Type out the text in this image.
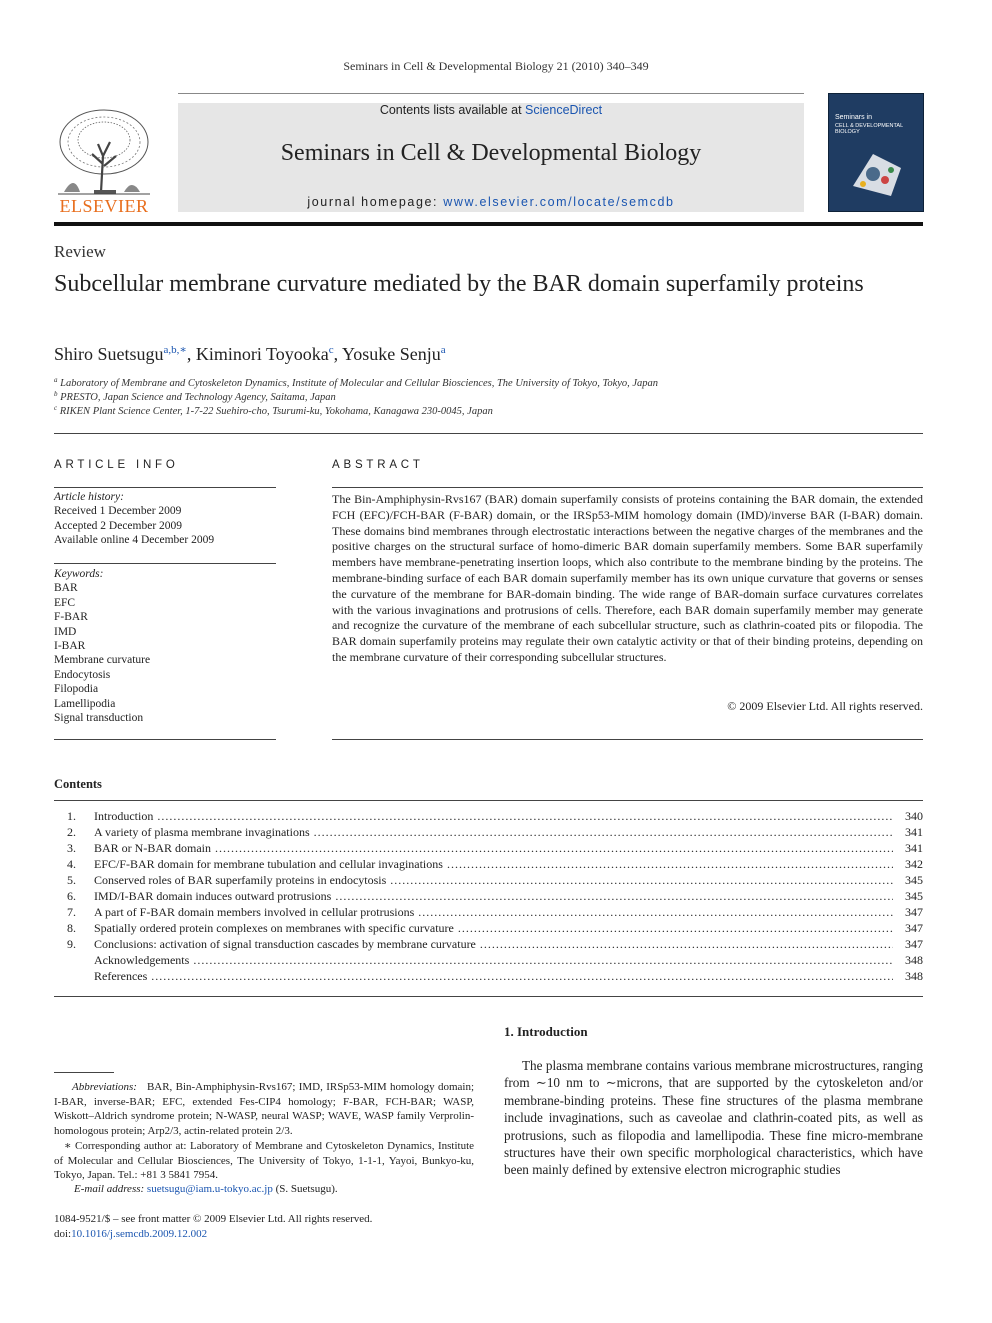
Seminars in Cell & Developmental Biology 21 (2010) 340–349
ELSEVIER
Contents lists available at ScienceDirect
Seminars in Cell & Developmental Biology
journal homepage: www.elsevier.com/locate/semcdb
Seminars in
CELL & DEVELOPMENTAL BIOLOGY
Review
Subcellular membrane curvature mediated by the BAR domain superfamily proteins
Shiro Suetsugu$^{a,b,∗}$, Kiminori Toyooka$^c$, Yosuke Senju$^a$
$^a$ Laboratory of Membrane and Cytoskeleton Dynamics, Institute of Molecular and Cellular Biosciences, The University of Tokyo, Tokyo, Japan
$^b$ PRESTO, Japan Science and Technology Agency, Saitama, Japan
$^c$ RIKEN Plant Science Center, 1-7-22 Suehiro-cho, Tsurumi-ku, Yokohama, Kanagawa 230-0045, Japan
ARTICLE INFO
Article history:
Received 1 December 2009
Accepted 2 December 2009
Available online 4 December 2009
Keywords:
BAR
EFC
F-BAR
IMD
I-BAR
Membrane curvature
Endocytosis
Filopodia
Lamellipodia
Signal transduction
ABSTRACT
The Bin-Amphiphysin-Rvs167 (BAR) domain superfamily consists of proteins containing the BAR domain, the extended FCH (EFC)/FCH-BAR (F-BAR) domain, or the IRSp53-MIM homology domain (IMD)/inverse BAR (I-BAR) domain. These domains bind membranes through electrostatic interactions between the negative charges of the membranes and the positive charges on the structural surface of homo-dimeric BAR domain superfamily members. Some BAR superfamily members have membrane-penetrating insertion loops, which also contribute to the membrane binding by the proteins. The membrane-binding surface of each BAR domain superfamily member has its own unique curvature that governs or senses the curvature of the membrane for BAR-domain binding. The wide range of BAR-domain surface curvatures correlates with the various invaginations and protrusions of cells. Therefore, each BAR domain superfamily member may generate and recognize the curvature of the membrane of each subcellular structure, such as clathrin-coated pits or filopodia. The BAR domain superfamily proteins may regulate their own catalytic activity or that of their binding proteins, depending on the membrane curvature of their corresponding subcellular structures.
© 2009 Elsevier Ltd. All rights reserved.
Contents
1. Introduction .....	340
2. A variety of plasma membrane invaginations .....	341
3. BAR or N-BAR domain .....	341
4. EFC/F-BAR domain for membrane tubulation and cellular invaginations .....	342
5. Conserved roles of BAR superfamily proteins in endocytosis .....	345
6. IMD/I-BAR domain induces outward protrusions .....	345
7. A part of F-BAR domain members involved in cellular protrusions .....	347
8. Spatially ordered protein complexes on membranes with specific curvature .....	347
9. Conclusions: activation of signal transduction cascades by membrane curvature .....	347
Acknowledgements .....	348
References .....	348
1. Introduction
The plasma membrane contains various membrane microstructures, ranging from ∼10 nm to ∼microns, that are supported by the cytoskeleton and/or membrane-binding proteins. These fine structures of the plasma membrane include invaginations, such as caveolae and clathrin-coated pits, as well as protrusions, such as filopodia and lamellipodia. These fine micro-membrane structures have their own specific morphological characteristics, which have been mainly defined by extensive electron micrographic studies
Abbreviations: BAR, Bin-Amphiphysin-Rvs167; IMD, IRSp53-MIM homology domain; I-BAR, inverse-BAR; EFC, extended Fes-CIP4 homology; F-BAR, FCH-BAR; WASP, Wiskott–Aldrich syndrome protein; N-WASP, neural WASP; WAVE, WASP family Verprolin-homologous protein; Arp2/3, actin-related protein 2/3.
∗ Corresponding author at: Laboratory of Membrane and Cytoskeleton Dynamics, Institute of Molecular and Cellular Biosciences, The University of Tokyo, 1-1-1, Yayoi, Bunkyo-ku, Tokyo, Japan. Tel.: +81 3 5841 7954.
E-mail address: suetsugu@iam.u-tokyo.ac.jp (S. Suetsugu).
1084-9521/$ – see front matter © 2009 Elsevier Ltd. All rights reserved.
doi:10.1016/j.semcdb.2009.12.002
